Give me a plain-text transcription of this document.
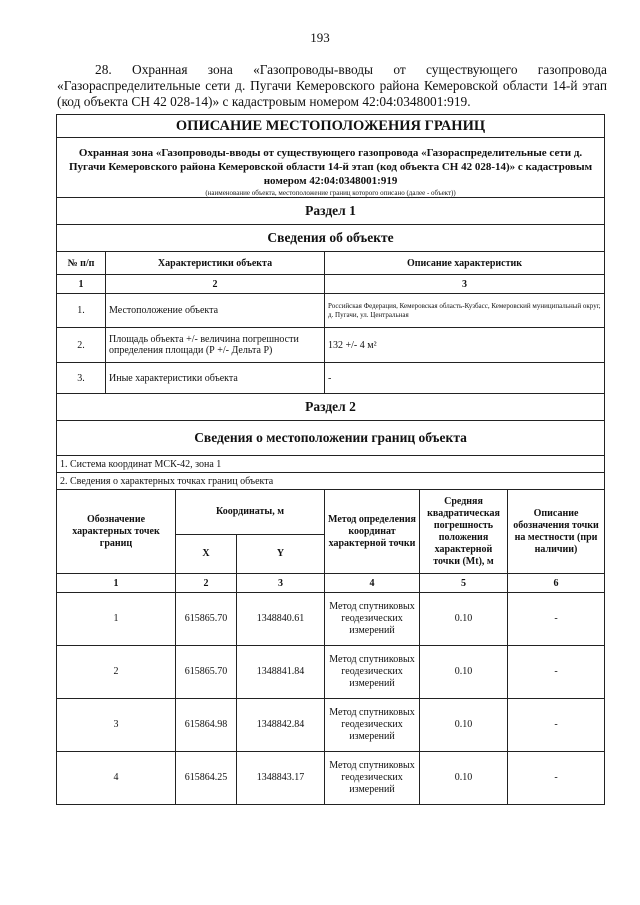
193
28. Охранная зона «Газопроводы-вводы от существующего газопровода «Газораспределительные сети д. Пугачи Кемеровского района Кемеровской области 14-й этап (код объекта СН 42 028-14)» с кадастровым номером 42:04:0348001:919.
ОПИСАНИЕ МЕСТОПОЛОЖЕНИЯ ГРАНИЦ						
Охранная зона «Газопроводы-вводы от существующего газопровода «Газораспределительные сети д. Пугачи Кемеровского района Кемеровской области 14-й этап (код объекта СН 42 028-14)» с кадастровым номером 42:04:0348001:919						
(наименование объекта, местоположение границ которого описано (далее - объект))						
Раздел 1						
Сведения об объекте						
№ п/п	Характеристики объекта			Описание характеристик		
1	2			3		
1.	Местоположение объекта			Российская Федерация, Кемеровская область-Кузбасс, Кемеровский муниципальный округ, д. Пугачи, ул. Центральная		
2.	Площадь объекта +/- величина погрешности определения площади (Р +/- Дельта Р)			132 +/- 4 м²		
3.	Иные характеристики объекта			-		
Раздел 2						
Сведения о местоположении границ объекта						
1. Система координат МСК-42, зона 1						
2. Сведения о характерных точках границ объекта						
Обозначение характерных точек границ		Координаты, м		Метод определения координат характерной точки	Средняя квадратическая погрешность положения характерной точки (Mt), м	Описание обозначения точки на местности (при наличии)
		X	Y			
1		2	3	4	5	6
1		615865.70	1348840.61	Метод спутниковых геодезических измерений	0.10	-
2		615865.70	1348841.84	Метод спутниковых геодезических измерений	0.10	-
3		615864.98	1348842.84	Метод спутниковых геодезических измерений	0.10	-
4		615864.25	1348843.17	Метод спутниковых геодезических измерений	0.10	-
